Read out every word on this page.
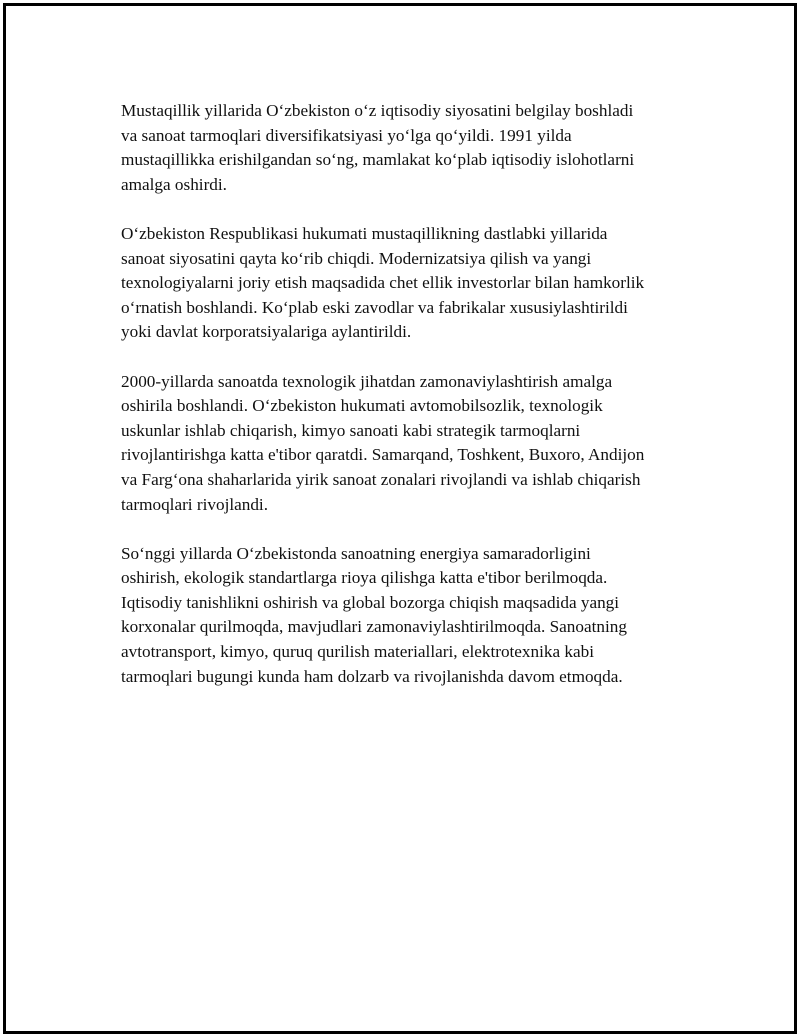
Mustaqillik yillarida O‘zbekiston o‘z iqtisodiy siyosatini belgilay boshladi
va sanoat tarmoqlari diversifikatsiyasi yo‘lga qo‘yildi. 1991 yilda
mustaqillikka erishilgandan so‘ng, mamlakat ko‘plab iqtisodiy islohotlarni
amalga oshirdi.

O‘zbekiston Respublikasi hukumati mustaqillikning dastlabki yillarida
sanoat siyosatini qayta ko‘rib chiqdi. Modernizatsiya qilish va yangi
texnologiyalarni joriy etish maqsadida chet ellik investorlar bilan hamkorlik
o‘rnatish boshlandi. Ko‘plab eski zavodlar va fabrikalar xususiylashtirildi
yoki davlat korporatsiyalariga aylantirildi.

2000-yillarda sanoatda texnologik jihatdan zamonaviylashtirish amalga
oshirila boshlandi. O‘zbekiston hukumati avtomobilsozlik, texnologik
uskunlar ishlab chiqarish, kimyo sanoati kabi strategik tarmoqlarni
rivojlantirishga katta e'tibor qaratdi. Samarqand, Toshkent, Buxoro, Andijon
va Farg‘ona shaharlarida yirik sanoat zonalari rivojlandi va ishlab chiqarish
tarmoqlari rivojlandi.

So‘nggi yillarda O‘zbekistonda sanoatning energiya samaradorligini
oshirish, ekologik standartlarga rioya qilishga katta e'tibor berilmoqda.
Iqtisodiy tanishlikni oshirish va global bozorga chiqish maqsadida yangi
korxonalar qurilmoqda, mavjudlari zamonaviylashtirilmoqda. Sanoatning
avtotransport, kimyo, quruq qurilish materiallari, elektrotexnika kabi
tarmoqlari bugungi kunda ham dolzarb va rivojlanishda davom etmoqda.
